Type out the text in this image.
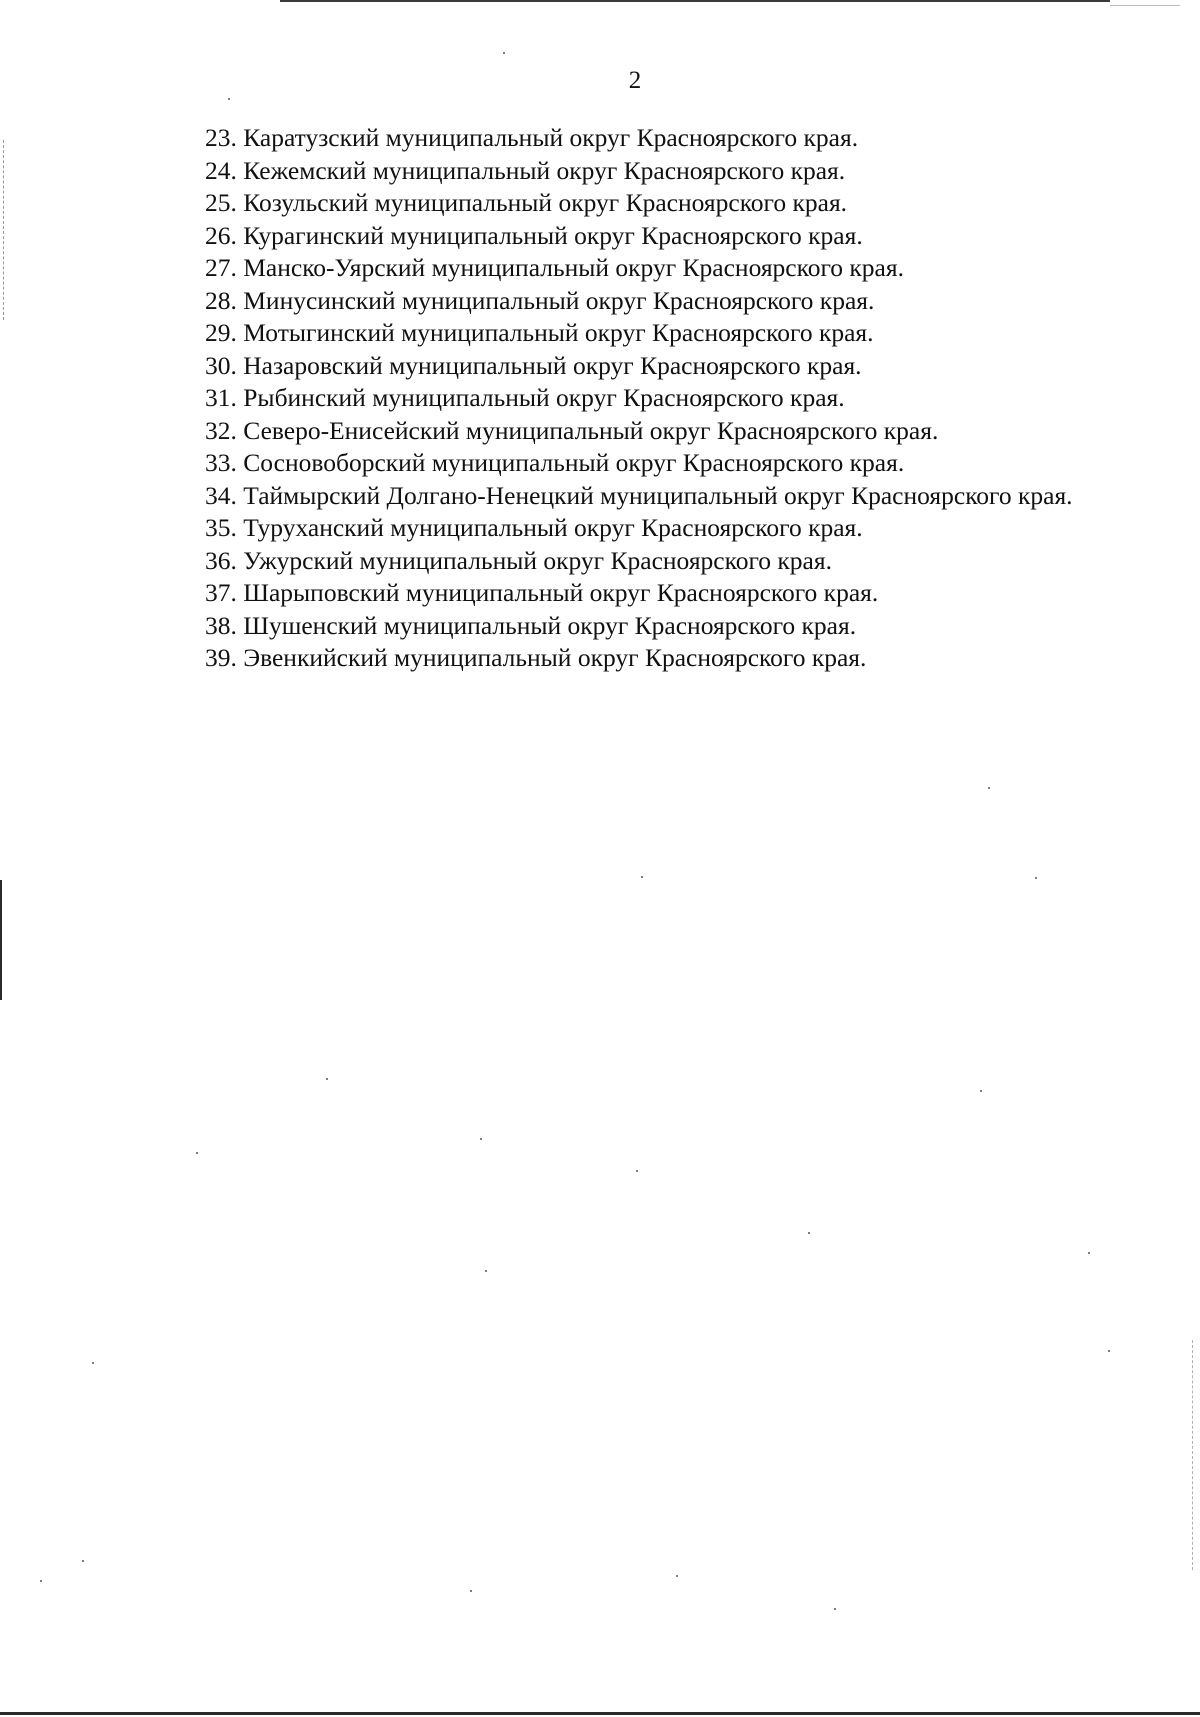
2
23. Каратузский муниципальный округ Красноярского края.
24. Кежемский муниципальный округ Красноярского края.
25. Козульский муниципальный округ Красноярского края.
26. Курагинский муниципальный округ Красноярского края.
27. Манско-Уярский муниципальный округ Красноярского края.
28. Минусинский муниципальный округ Красноярского края.
29. Мотыгинский муниципальный округ Красноярского края.
30. Назаровский муниципальный округ Красноярского края.
31. Рыбинский муниципальный округ Красноярского края.
32. Северо-Енисейский муниципальный округ Красноярского края.
33. Сосновоборский муниципальный округ Красноярского края.
34. Таймырский Долгано-Ненецкий муниципальный округ Красноярского края.
35. Туруханский муниципальный округ Красноярского края.
36. Ужурский муниципальный округ Красноярского края.
37. Шарыповский муниципальный округ Красноярского края.
38. Шушенский муниципальный округ Красноярского края.
39. Эвенкийский муниципальный округ Красноярского края.
